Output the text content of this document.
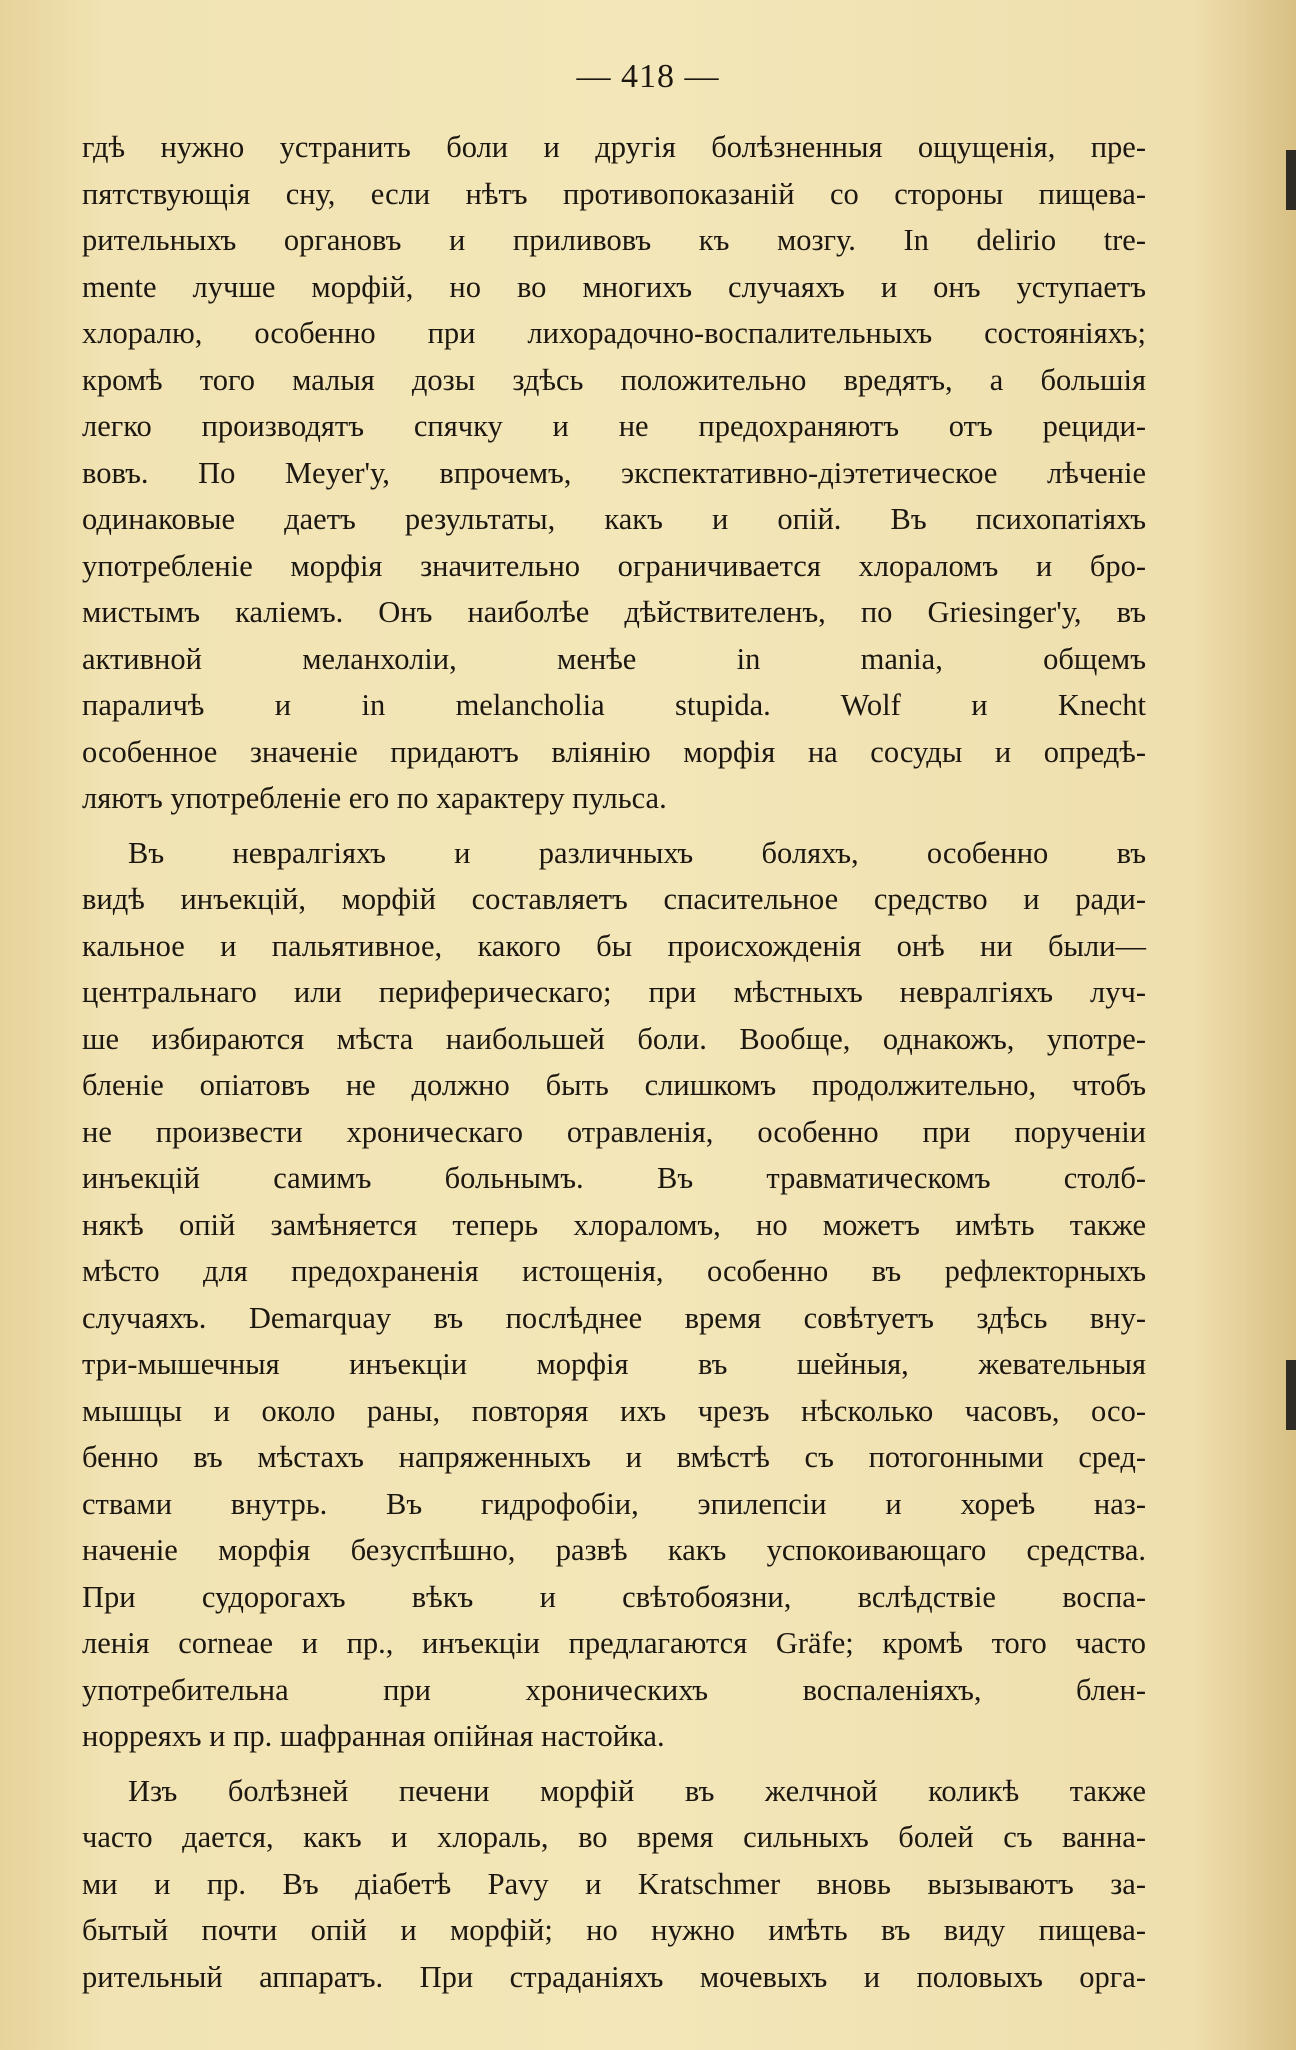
— 418 —
гдѣ нужно устранить боли и другія болѣзненныя ощущенія, пре-
пятствующія сну, если нѣтъ противопоказаній со стороны пищева-
рительныхъ органовъ и приливовъ къ мозгу. In delirio tre-
mente лучше морфій, но во многихъ случаяхъ и онъ уступаетъ
хлоралю, особенно при лихорадочно-воспалительныхъ состояніяхъ;
кромѣ того малыя дозы здѣсь положительно вредятъ, а большія
легко производятъ спячку и не предохраняютъ отъ рециди-
вовъ. По Meyer'у, впрочемъ, экспектативно-діэтетическое лѣченіе
одинаковые даетъ результаты, какъ и опій. Въ психопатіяхъ
употребленіе морфія значительно ограничивается хлораломъ и бро-
мистымъ каліемъ. Онъ наиболѣе дѣйствителенъ, по Griesinger'у, въ
активной меланхоліи, менѣе in mania, общемъ
параличѣ и in melancholia stupida. Wolf и Knecht
особенное значеніе придаютъ вліянію морфія на сосуды и опредѣ-
ляютъ употребленіе его по характеру пульса.
Въ невралгіяхъ и различныхъ боляхъ, особенно въ
видѣ инъекцій, морфій составляетъ спасительное средство и ради-
кальное и пальятивное, какого бы происхожденія онѣ ни были—
центральнаго или периферическаго; при мѣстныхъ невралгіяхъ луч-
ше избираются мѣста наибольшей боли. Вообще, однакожъ, употре-
бленіе опіатовъ не должно быть слишкомъ продолжительно, чтобъ
не произвести хроническаго отравленія, особенно при порученіи
инъекцій самимъ больнымъ. Въ травматическомъ столб-
някѣ опій замѣняется теперь хлораломъ, но можетъ имѣть также
мѣсто для предохраненія истощенія, особенно въ рефлекторныхъ
случаяхъ. Demarquay въ послѣднее время совѣтуетъ здѣсь вну-
три-мышечныя инъекціи морфія въ шейныя, жевательныя
мышцы и около раны, повторяя ихъ чрезъ нѣсколько часовъ, осо-
бенно въ мѣстахъ напряженныхъ и вмѣстѣ съ потогонными сред-
ствами внутрь. Въ гидрофобіи, эпилепсіи и хореѣ наз-
наченіе морфія безуспѣшно, развѣ какъ успокоивающаго средства.
При судорогахъ вѣкъ и свѣтобоязни, вслѣдствіе воспа-
ленія corneae и пр., инъекціи предлагаются Gräfe; кромѣ того часто
употребительна при хроническихъ воспаленіяхъ, блен-
норреяхъ и пр. шафранная опійная настойка.
Изъ болѣзней печени морфій въ желчной коликѣ также
часто дается, какъ и хлораль, во время сильныхъ болей съ ванна-
ми и пр. Въ діабетѣ Pavy и Kratschmer вновь вызываютъ за-
бытый почти опій и морфій; но нужно имѣть въ виду пищева-
рительный аппаратъ. При страданіяхъ мочевыхъ и половыхъ орга-
